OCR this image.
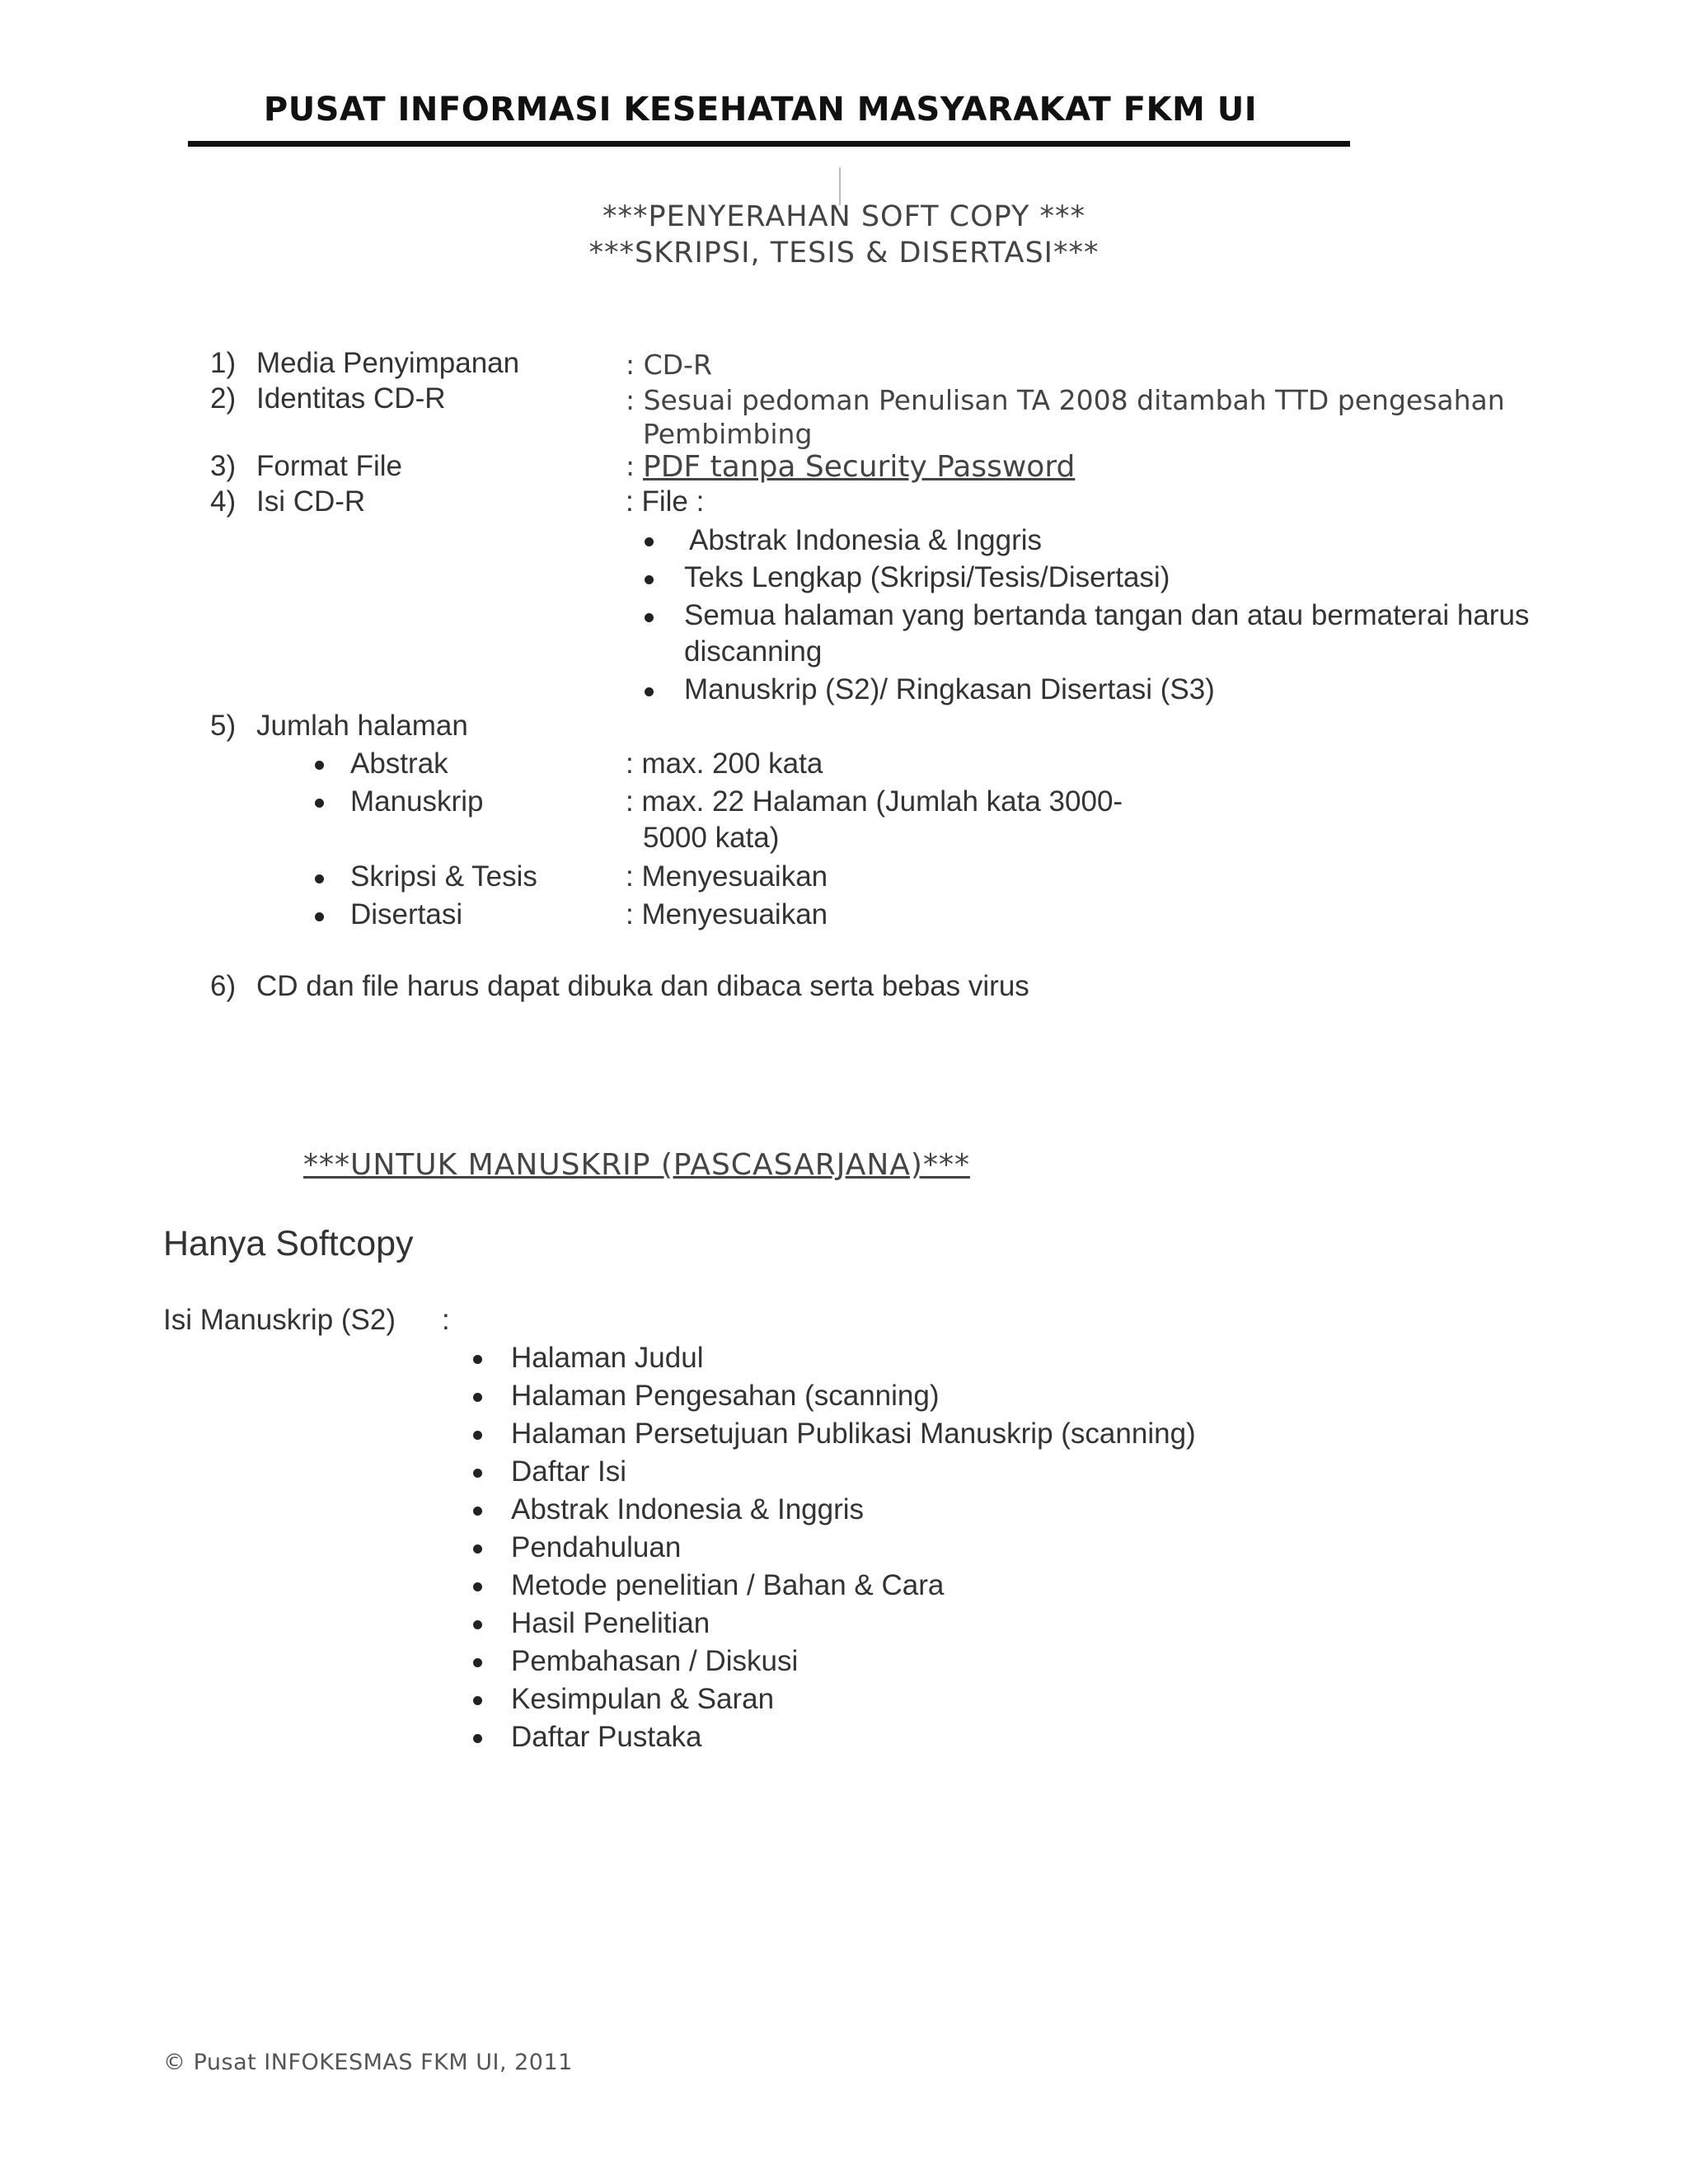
PUSAT INFORMASI KESEHATAN MASYARAKAT FKM UI
***PENYERAHAN SOFT COPY ***
***SKRIPSI, TESIS & DISERTASI***
1) Media Penyimpanan	: CD-R
2) Identitas CD-R	: Sesuai pedoman Penulisan TA 2008 ditambah TTD pengesahan
Pembimbing
3) Format File	: PDF tanpa Security Password
4) Isi CD-R	: File :
Abstrak Indonesia & Inggris
Teks Lengkap (Skripsi/Tesis/Disertasi)
Semua halaman yang bertanda tangan dan atau bermaterai harus
discanning
Manuskrip (S2)/ Ringkasan Disertasi (S3)
5) Jumlah halaman
Abstrak	: max. 200 kata
Manuskrip	: max. 22 Halaman (Jumlah kata 3000-
5000 kata)
Skripsi & Tesis	: Menyesuaikan
Disertasi	: Menyesuaikan
6) CD dan file harus dapat dibuka dan dibaca serta bebas virus
***UNTUK MANUSKRIP (PASCASARJANA)***
Hanya Softcopy
Isi Manuskrip (S2) :
Halaman Judul
Halaman Pengesahan (scanning)
Halaman Persetujuan Publikasi Manuskrip (scanning)
Daftar Isi
Abstrak Indonesia & Inggris
Pendahuluan
Metode penelitian / Bahan & Cara
Hasil Penelitian
Pembahasan / Diskusi
Kesimpulan & Saran
Daftar Pustaka
© Pusat INFOKESMAS FKM UI, 2011
